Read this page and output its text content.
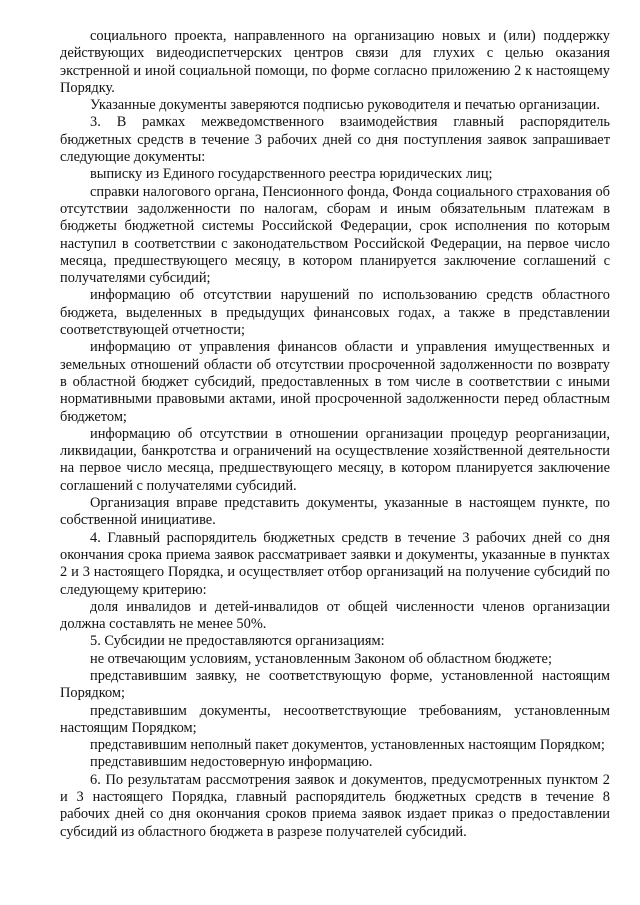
социального проекта, направленного на организацию новых и (или) поддержку действующих видеодиспетчерских центров связи для глухих с целью оказания экстренной и иной социальной помощи, по форме согласно приложению 2 к настоящему Порядку.

Указанные документы заверяются подписью руководителя и печатью организации.

3. В рамках межведомственного взаимодействия главный распорядитель бюджетных средств в течение 3 рабочих дней со дня поступления заявок запрашивает следующие документы:

выписку из Единого государственного реестра юридических лиц;

справки налогового органа, Пенсионного фонда, Фонда социального страхования об отсутствии задолженности по налогам, сборам и иным обязательным платежам в бюджеты бюджетной системы Российской Федерации, срок исполнения по которым наступил в соответствии с законодательством Российской Федерации, на первое число месяца, предшествующего месяцу, в котором планируется заключение соглашений с получателями субсидий;

информацию об отсутствии нарушений по использованию средств областного бюджета, выделенных в предыдущих финансовых годах, а также в представлении соответствующей отчетности;

информацию от управления финансов области и управления имущественных и земельных отношений области об отсутствии просроченной задолженности по возврату в областной бюджет субсидий, предоставленных в том числе в соответствии с иными нормативными правовыми актами, иной просроченной задолженности перед областным бюджетом;

информацию об отсутствии в отношении организации процедур реорганизации, ликвидации, банкротства и ограничений на осуществление хозяйственной деятельности на первое число месяца, предшествующего месяцу, в котором планируется заключение соглашений с получателями субсидий.

Организация вправе представить документы, указанные в настоящем пункте, по собственной инициативе.

4. Главный распорядитель бюджетных средств в течение 3 рабочих дней со дня окончания срока приема заявок рассматривает заявки и документы, указанные в пунктах 2 и 3 настоящего Порядка, и осуществляет отбор организаций на получение субсидий по следующему критерию:

доля инвалидов и детей-инвалидов от общей численности членов организации должна составлять не менее 50%.

5. Субсидии не предоставляются организациям:

не отвечающим условиям, установленным Законом об областном бюджете;

представившим заявку, не соответствующую форме, установленной настоящим Порядком;

представившим документы, несоответствующие требованиям, установленным настоящим Порядком;

представившим неполный пакет документов, установленных настоящим Порядком;

представившим недостоверную информацию.

6. По результатам рассмотрения заявок и документов, предусмотренных пунктом 2 и 3 настоящего Порядка, главный распорядитель бюджетных средств в течение 8 рабочих дней со дня окончания сроков приема заявок издает приказ о предоставлении субсидий из областного бюджета в разрезе получателей субсидий.
